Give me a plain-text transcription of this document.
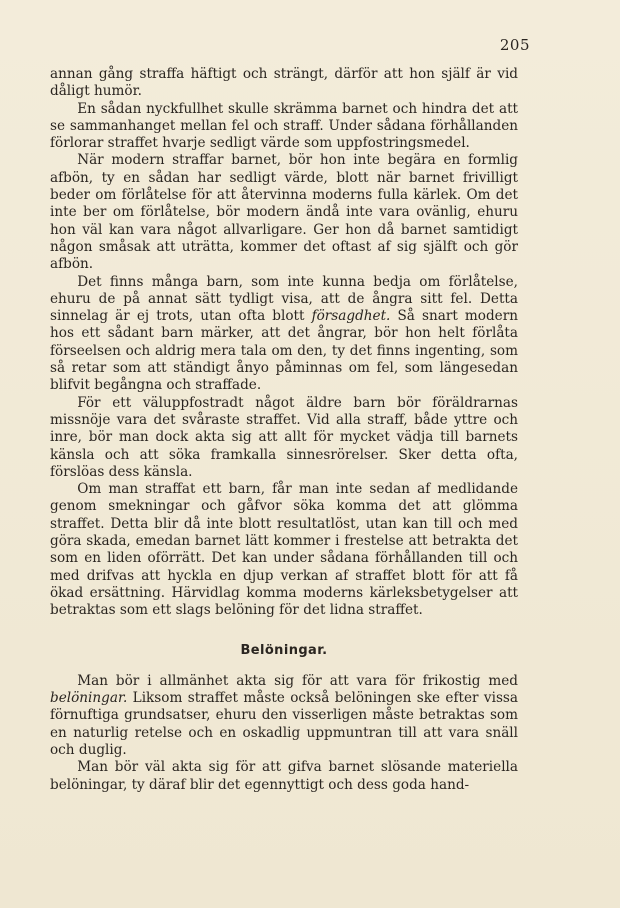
205

annan gång straffa häftigt och strängt, därför att hon själf är vid dåligt humör.

En sådan nyckfullhet skulle skrämma barnet och hindra det att se sammanhanget mellan fel och straff. Under sådana förhållanden förlorar straffet hvarje sedligt värde som uppfostringsmedel.

När modern straffar barnet, bör hon inte begära en formlig afbön, ty en sådan har sedligt värde, blott när barnet frivilligt beder om förlåtelse för att återvinna moderns fulla kärlek. Om det inte ber om förlåtelse, bör modern ändå inte vara ovänlig, ehuru hon väl kan vara något allvarligare. Ger hon då barnet samtidigt någon småsak att uträtta, kommer det oftast af sig själft och gör afbön.

Det finns många barn, som inte kunna bedja om förlåtelse, ehuru de på annat sätt tydligt visa, att de ångra sitt fel. Detta sinnelag är ej trots, utan ofta blott försagdhet. Så snart modern hos ett sådant barn märker, att det ångrar, bör hon helt förlåta förseelsen och aldrig mera tala om den, ty det finns ingenting, som så retar som att ständigt ånyo påminnas om fel, som längesedan blifvit begångna och straffade.

För ett väluppfostradt något äldre barn bör föräldrarnas missnöje vara det svåraste straffet. Vid alla straff, både yttre och inre, bör man dock akta sig att allt för mycket vädja till barnets känsla och att söka framkalla sinnesrörelser. Sker detta ofta, förslöas dess känsla.

Om man straffat ett barn, får man inte sedan af medlidande genom smekningar och gåfvor söka komma det att glömma straffet. Detta blir då inte blott resultatlöst, utan kan till och med göra skada, emedan barnet lätt kommer i frestelse att betrakta det som en liden oförrätt. Det kan under sådana förhållanden till och med drifvas att hyckla en djup verkan af straffet blott för att få ökad ersättning. Härvidlag komma moderns kärleksbetygelser att betraktas som ett slags belöning för det lidna straffet.

Belöningar.

Man bör i allmänhet akta sig för att vara för frikostig med belöningar. Liksom straffet måste också belöningen ske efter vissa förnuftiga grundsatser, ehuru den visserligen måste betraktas som en naturlig retelse och en oskadlig uppmuntran till att vara snäll och duglig.

Man bör väl akta sig för att gifva barnet slösande materiella belöningar, ty däraf blir det egennyttigt och dess goda hand-
